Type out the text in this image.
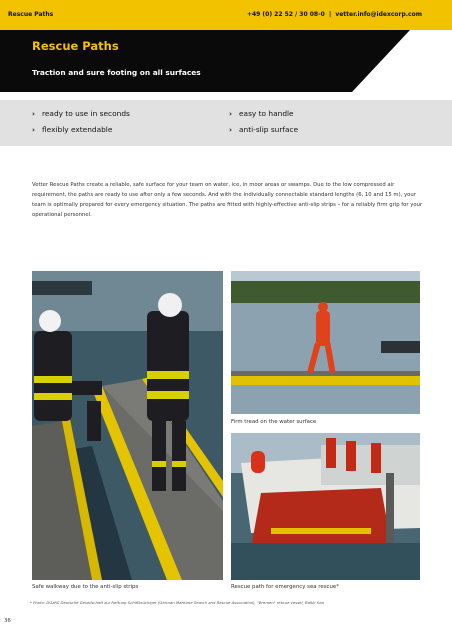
Rescue Paths	+49 (0) 22 52 / 30 08-0  |  vetter.info@idexcorp.com
Rescue Paths
Traction and sure footing on all surfaces
› ready to use in seconds
› flexibly extendable
› easy to handle
› anti-slip surface

Vetter Rescue Paths create a reliable, safe surface for your team on water, ice, in moor areas or swamps. Due to the low compressed air requirement, the paths are ready to use after only a few seconds. And with the individually connectable standard lengths (6, 10 and 15 m), your team is optimally prepared for every emergency situation. The paths are fitted with highly-effective anti-slip strips – for a reliably firm grip for your operational personnel.

Safe walkway due to the anti-slip strips
Firm tread on the water surface
Rescue path for emergency sea rescue*
* Photo: DGzRS Deutsche Gesellschaft zur Rettung Schiffbrüchiger (German Maritime Search and Rescue Association), "Bremen" rescue vessel, Baltic Sea
36
